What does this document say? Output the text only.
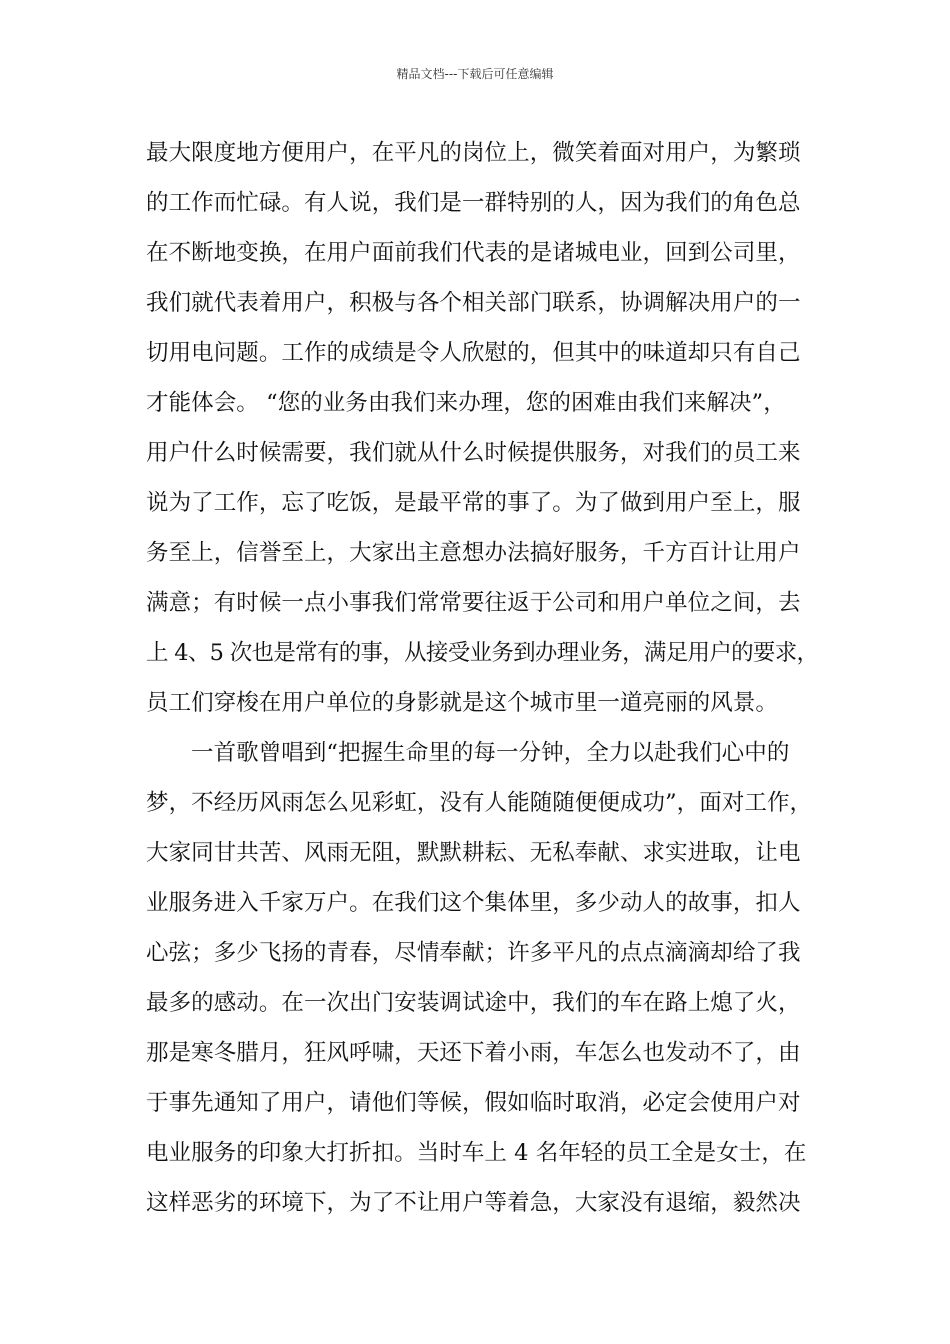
精品文档---下载后可任意编辑
最大限度地方便用户，在平凡的岗位上，微笑着面对用户，为繁琐
的工作而忙碌。有人说，我们是一群特别的人，因为我们的角色总
在不断地变换，在用户面前我们代表的是诸城电业，回到公司里，
我们就代表着用户，积极与各个相关部门联系，协调解决用户的一
切用电问题。工作的成绩是令人欣慰的，但其中的味道却只有自己
才能体会。 “您的业务由我们来办理，您的困难由我们来解决”，
用户什么时候需要，我们就从什么时候提供服务，对我们的员工来
说为了工作，忘了吃饭，是最平常的事了。为了做到用户至上，服
务至上，信誉至上，大家出主意想办法搞好服务，千方百计让用户
满意；有时候一点小事我们常常要往返于公司和用户单位之间，去
上 4、5 次也是常有的事，从接受业务到办理业务，满足用户的要求，
员工们穿梭在用户单位的身影就是这个城市里一道亮丽的风景。
一首歌曾唱到“把握生命里的每一分钟，全力以赴我们心中的
梦，不经历风雨怎么见彩虹，没有人能随随便便成功”，面对工作，
大家同甘共苦、风雨无阻，默默耕耘、无私奉献、求实进取，让电
业服务进入千家万户。在我们这个集体里，多少动人的故事，扣人
心弦；多少飞扬的青春，尽情奉献；许多平凡的点点滴滴却给了我
最多的感动。在一次出门安装调试途中，我们的车在路上熄了火，
那是寒冬腊月，狂风呼啸，天还下着小雨，车怎么也发动不了，由
于事先通知了用户，请他们等候，假如临时取消，必定会使用户对
电业服务的印象大打折扣。当时车上 4 名年轻的员工全是女士，在
这样恶劣的环境下，为了不让用户等着急，大家没有退缩，毅然决
